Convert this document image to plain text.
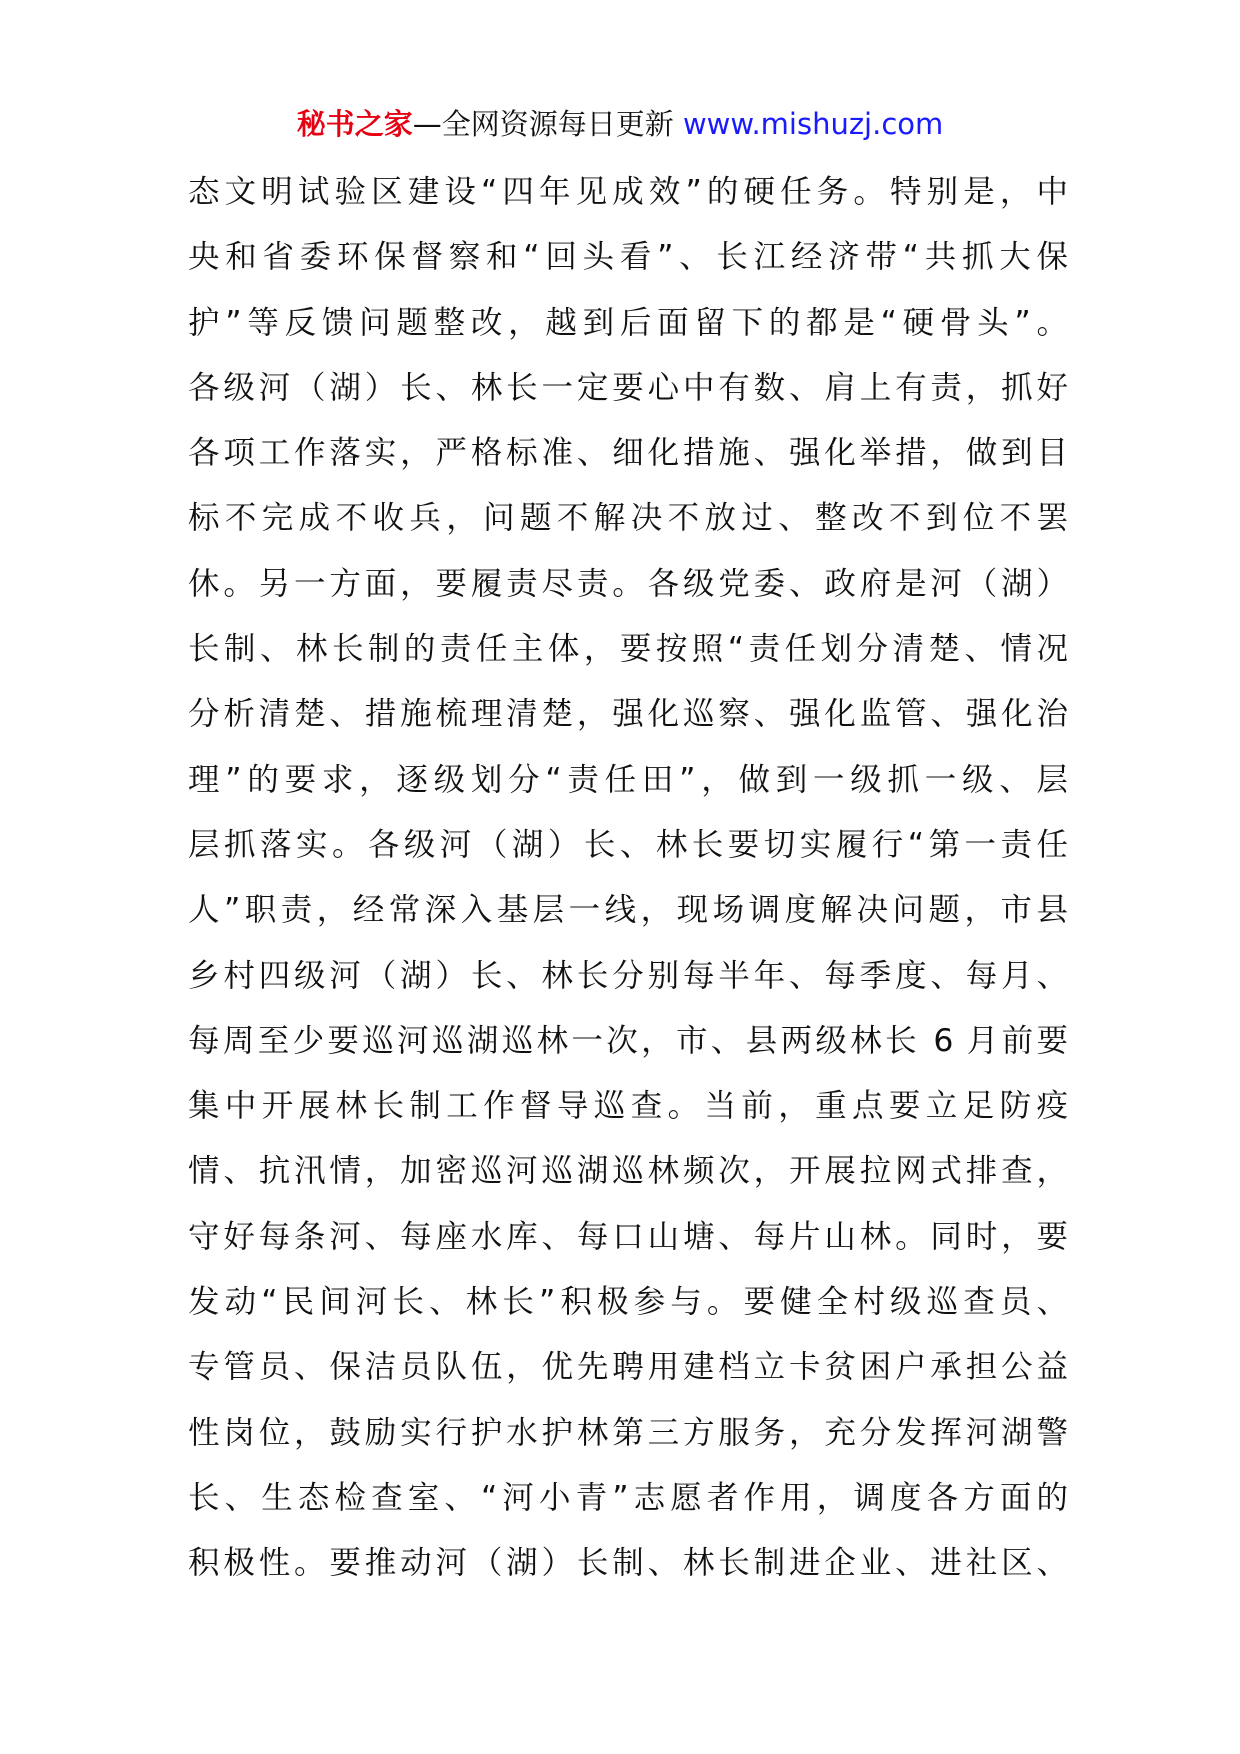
秘书之家—全网资源每日更新 www.mishuzj.com
态文明试验区建设“四年见成效”的硬任务。特别是，中
央和省委环保督察和“回头看”、长江经济带“共抓大保
护”等反馈问题整改，越到后面留下的都是“硬骨头”。
各级河（湖）长、林长一定要心中有数、肩上有责，抓好
各项工作落实，严格标准、细化措施、强化举措，做到目
标不完成不收兵，问题不解决不放过、整改不到位不罢
休。另一方面，要履责尽责。各级党委、政府是河（湖）
长制、林长制的责任主体，要按照“责任划分清楚、情况
分析清楚、措施梳理清楚，强化巡察、强化监管、强化治
理”的要求，逐级划分“责任田”，做到一级抓一级、层
层抓落实。各级河（湖）长、林长要切实履行“第一责任
人”职责，经常深入基层一线，现场调度解决问题，市县
乡村四级河（湖）长、林长分别每半年、每季度、每月、
每周至少要巡河巡湖巡林一次，市、县两级林长 6 月前要
集中开展林长制工作督导巡查。当前，重点要立足防疫
情、抗汛情，加密巡河巡湖巡林频次，开展拉网式排查，
守好每条河、每座水库、每口山塘、每片山林。同时，要
发动“民间河长、林长”积极参与。要健全村级巡查员、
专管员、保洁员队伍，优先聘用建档立卡贫困户承担公益
性岗位，鼓励实行护水护林第三方服务，充分发挥河湖警
长、生态检查室、“河小青”志愿者作用，调度各方面的
积极性。要推动河（湖）长制、林长制进企业、进社区、
